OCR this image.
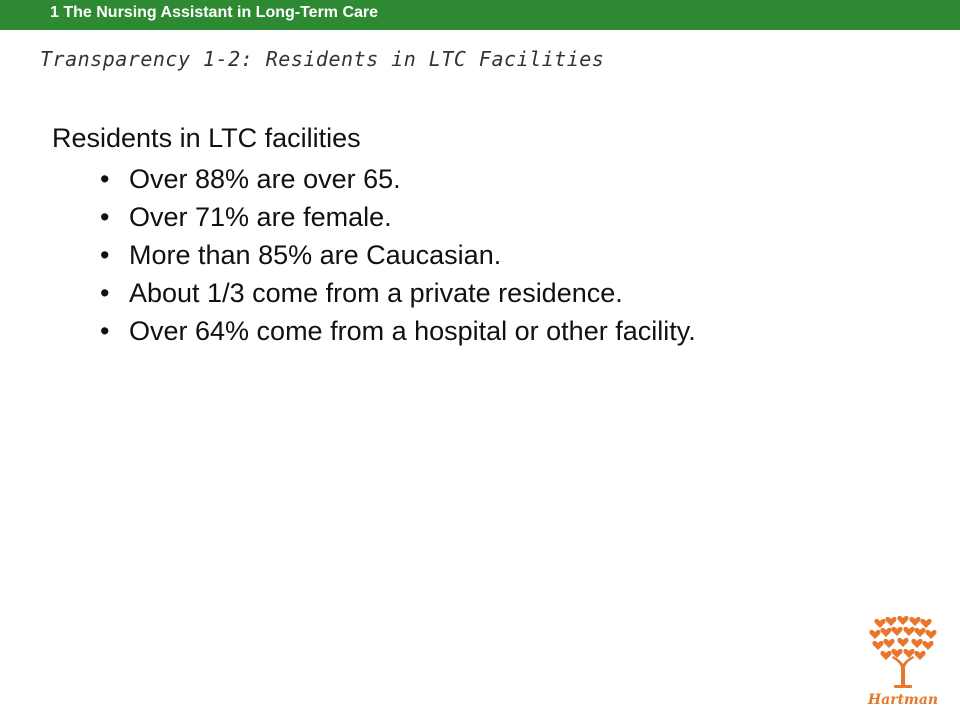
1 The Nursing Assistant in Long-Term Care
Transparency 1-2: Residents in LTC Facilities
Residents in LTC facilities
• Over 88% are over 65.
• Over 71% are female.
• More than 85% are Caucasian.
• About 1/3 come from a private residence.
• Over 64% come from a hospital or other facility.
Hartman
